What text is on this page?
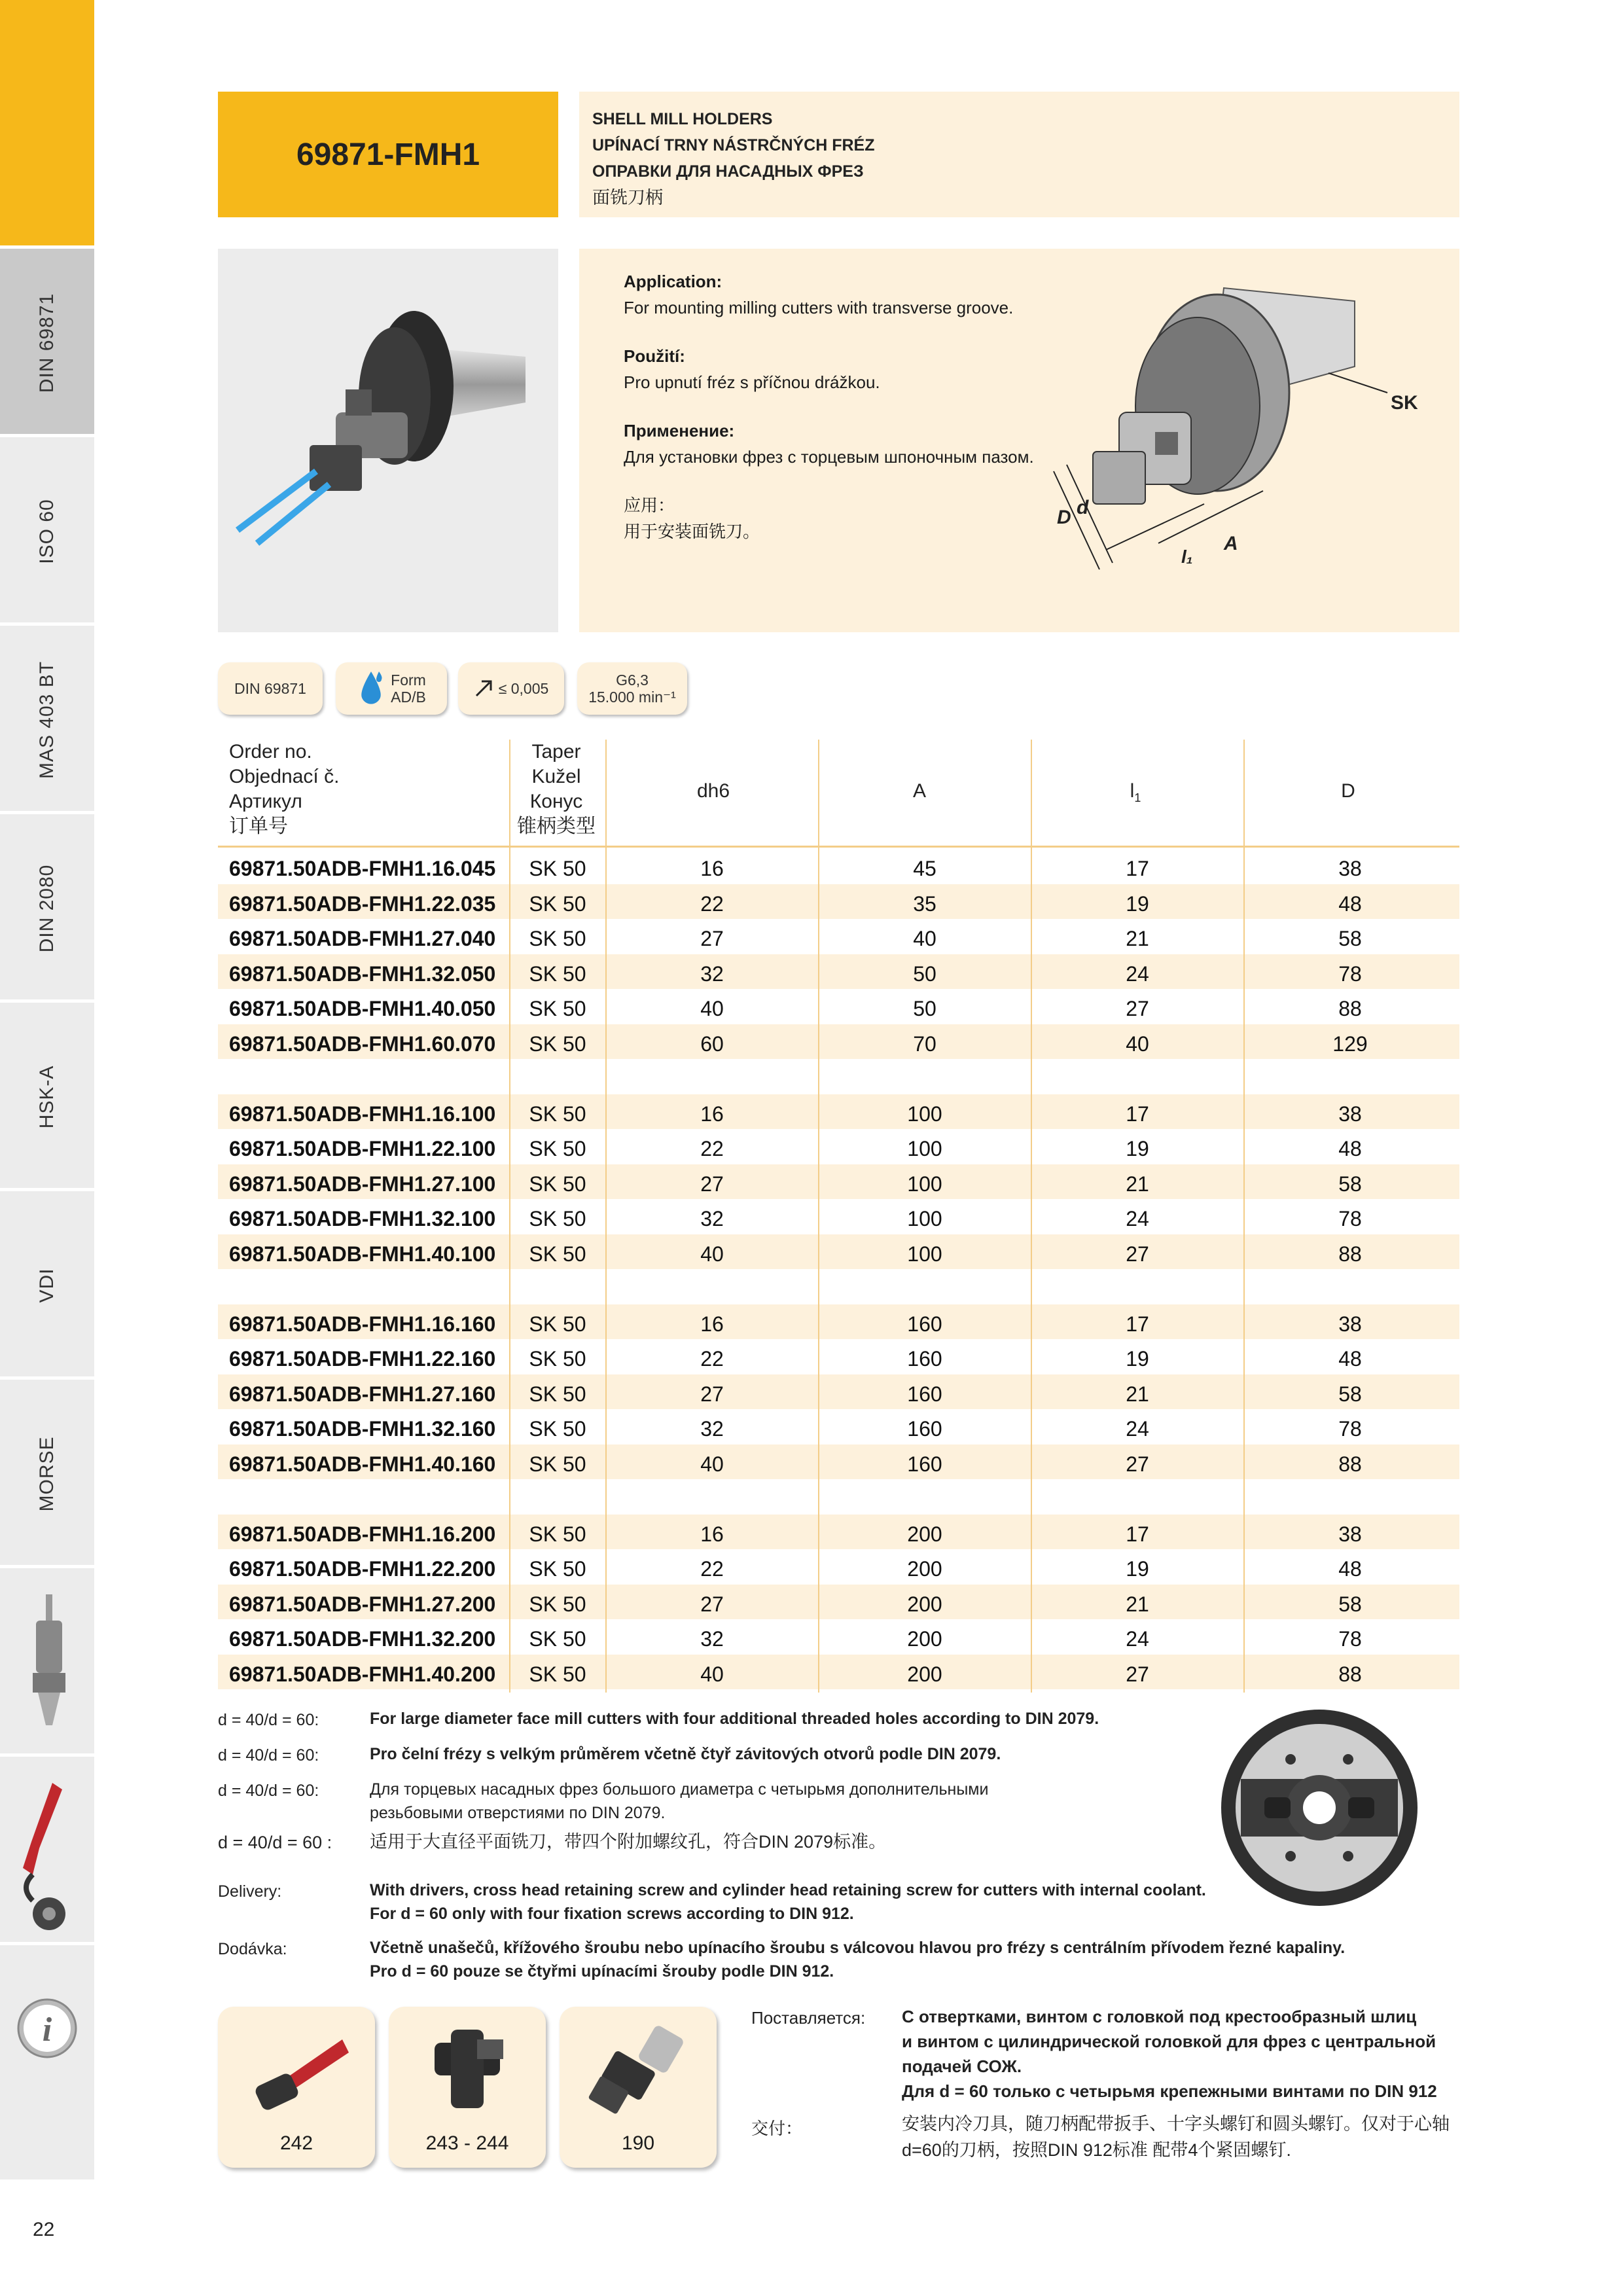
DIN 69871
ISO 60
MAS 403 BT
DIN 2080
HSK-A
VDI
MORSE
i
22
69871-FMH1
SHELL MILL HOLDERS
UPÍNACÍ TRNY NÁSTRČNÝCH FRÉZ
ОПРАВКИ ДЛЯ НАСАДНЫХ ФРЕЗ
面铣刀柄
Application:
For mounting milling cutters with transverse groove.
Použití:
Pro upnutí fréz s příčnou drážkou.
Применение:
Для установки фрез с торцевым шпоночным пазом.
应用：
用于安装面铣刀。
D d
l₁
A
SK
DIN 69871	Form
AD/B
≤ 0,005	G6,3
15.000 min⁻¹
Order no.
Objednací č.
Артикул
订单号
Taper
Kužel
Конус
锥柄类型
dh6	A	$l_1$	D
69871.50ADB-FMH1.16.045	SK 50	16	45	17	38
69871.50ADB-FMH1.22.035	SK 50	22	35	19	48
69871.50ADB-FMH1.27.040	SK 50	27	40	21	58
69871.50ADB-FMH1.32.050	SK 50	32	50	24	78
69871.50ADB-FMH1.40.050	SK 50	40	50	27	88
69871.50ADB-FMH1.60.070	SK 50	60	70	40	129
69871.50ADB-FMH1.16.100	SK 50	16	100	17	38
69871.50ADB-FMH1.22.100	SK 50	22	100	19	48
69871.50ADB-FMH1.27.100	SK 50	27	100	21	58
69871.50ADB-FMH1.32.100	SK 50	32	100	24	78
69871.50ADB-FMH1.40.100	SK 50	40	100	27	88
69871.50ADB-FMH1.16.160	SK 50	16	160	17	38
69871.50ADB-FMH1.22.160	SK 50	22	160	19	48
69871.50ADB-FMH1.27.160	SK 50	27	160	21	58
69871.50ADB-FMH1.32.160	SK 50	32	160	24	78
69871.50ADB-FMH1.40.160	SK 50	40	160	27	88
69871.50ADB-FMH1.16.200	SK 50	16	200	17	38
69871.50ADB-FMH1.22.200	SK 50	22	200	19	48
69871.50ADB-FMH1.27.200	SK 50	27	200	21	58
69871.50ADB-FMH1.32.200	SK 50	32	200	24	78
69871.50ADB-FMH1.40.200	SK 50	40	200	27	88
d = 40/d = 60:	For large diameter face mill cutters with four additional threaded holes according to DIN 2079.
d = 40/d = 60:	Pro čelní frézy s velkým průměrem včetně čtyř závitových otvorů podle DIN 2079.
d = 40/d = 60:	Для торцевых насадных фрез большого диаметра с четырьмя дополнительными
резьбовыми отверстиями по DIN 2079.
d = 40/d = 60 : 适用于大直径平面铣刀，带四个附加螺纹孔，符合DIN 2079标准。
Delivery:	With drivers, cross head retaining screw and cylinder head retaining screw for cutters with internal coolant.
For d = 60 only with four fixation screws according to DIN 912.
Dodávka:	Včetně unašečů, křížového šroubu nebo upínacího šroubu s válcovou hlavou pro frézy s centrálním přívodem řezné kapaliny.
Pro d = 60 pouze se čtyřmi upínacími šrouby podle DIN 912.
242	243 - 244	190
Поставляется: С отвертками, винтом с головкой под крестообразный шлиц
и винтом с цилиндрической головкой для фрез с центральной
подачей СОЖ.
Для d = 60 только с четырьмя крепежными винтами по DIN 912
交付：	安装内冷刀具，随刀柄配带扳手、十字头螺钉和圆头螺钉。仅对于心轴
d=60的刀柄，按照DIN 912标准 配带4个紧固螺钉.
